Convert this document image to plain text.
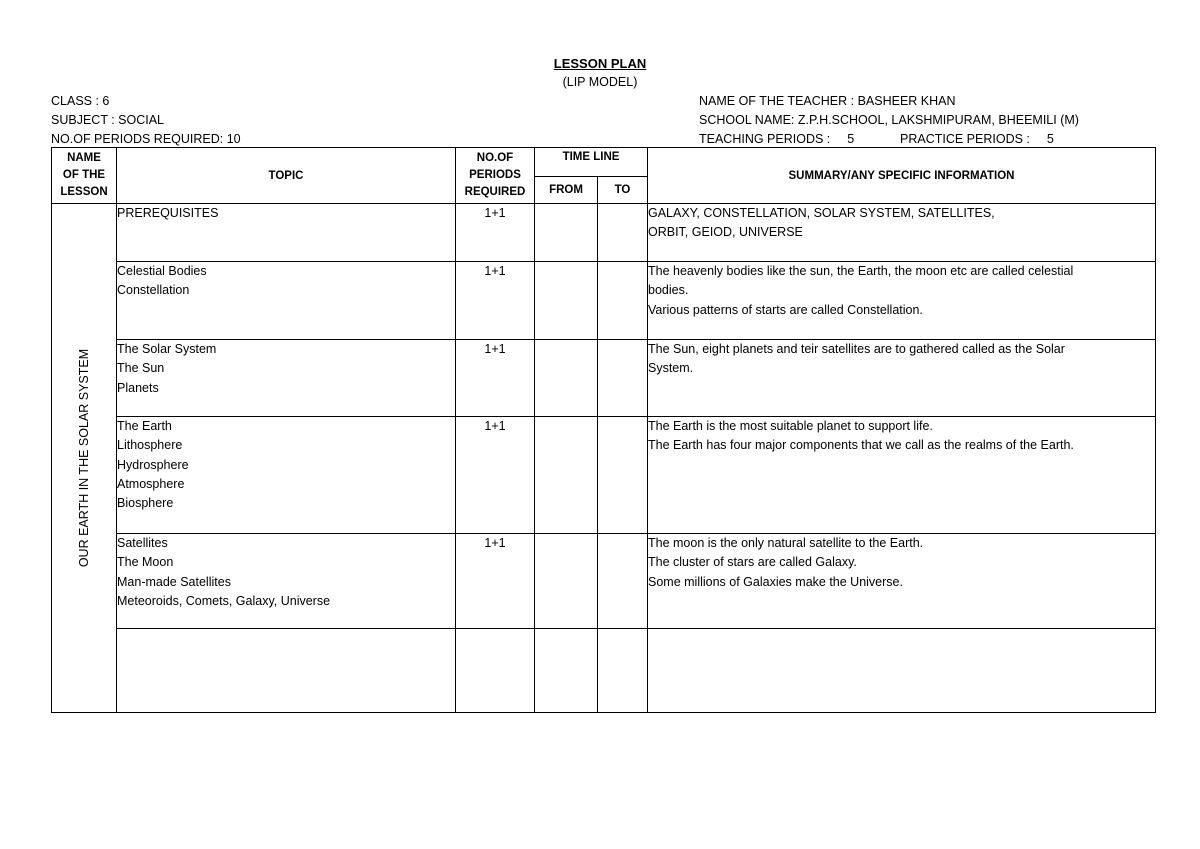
LESSON PLAN
(LIP MODEL)
CLASS : 6
SUBJECT : SOCIAL
NO.OF PERIODS REQUIRED: 10
NAME OF THE TEACHER : BASHEER KHAN
SCHOOL NAME: Z.P.H.SCHOOL, LAKSHMIPURAM, BHEEMILI (M)
TEACHING PERIODS : 5	PRACTICE PERIODS : 5
NAME
OF THE
LESSON	TOPIC	NO.OF
PERIODS
REQUIRED	TIME LINE		SUMMARY/ANY SPECIFIC INFORMATION
			FROM	TO	

OUR EARTH IN THE SOLAR SYSTEM	PREREQUISITES	1+1			GALAXY, CONSTELLATION, SOLAR SYSTEM, SATELLITES,
ORBIT, GEIOD, UNIVERSE

	Celestial Bodies
Constellation	1+1			The heavenly bodies like the sun, the Earth, the moon etc are called celestial
bodies.
Various patterns of starts are called Constellation.

	The Solar System
The Sun
Planets	1+1			The Sun, eight planets and teir satellites are to gathered called as the Solar
System.

	The Earth
Lithosphere
Hydrosphere
Atmosphere
Biosphere	1+1			The Earth is the most suitable planet to support life.
The Earth has four major components that we call as the realms of the Earth.

	Satellites
The Moon
Man-made Satellites
Meteoroids, Comets, Galaxy, Universe	1+1			The moon is the only natural satellite to the Earth.
The cluster of stars are called Galaxy.
Some millions of Galaxies make the Universe.
